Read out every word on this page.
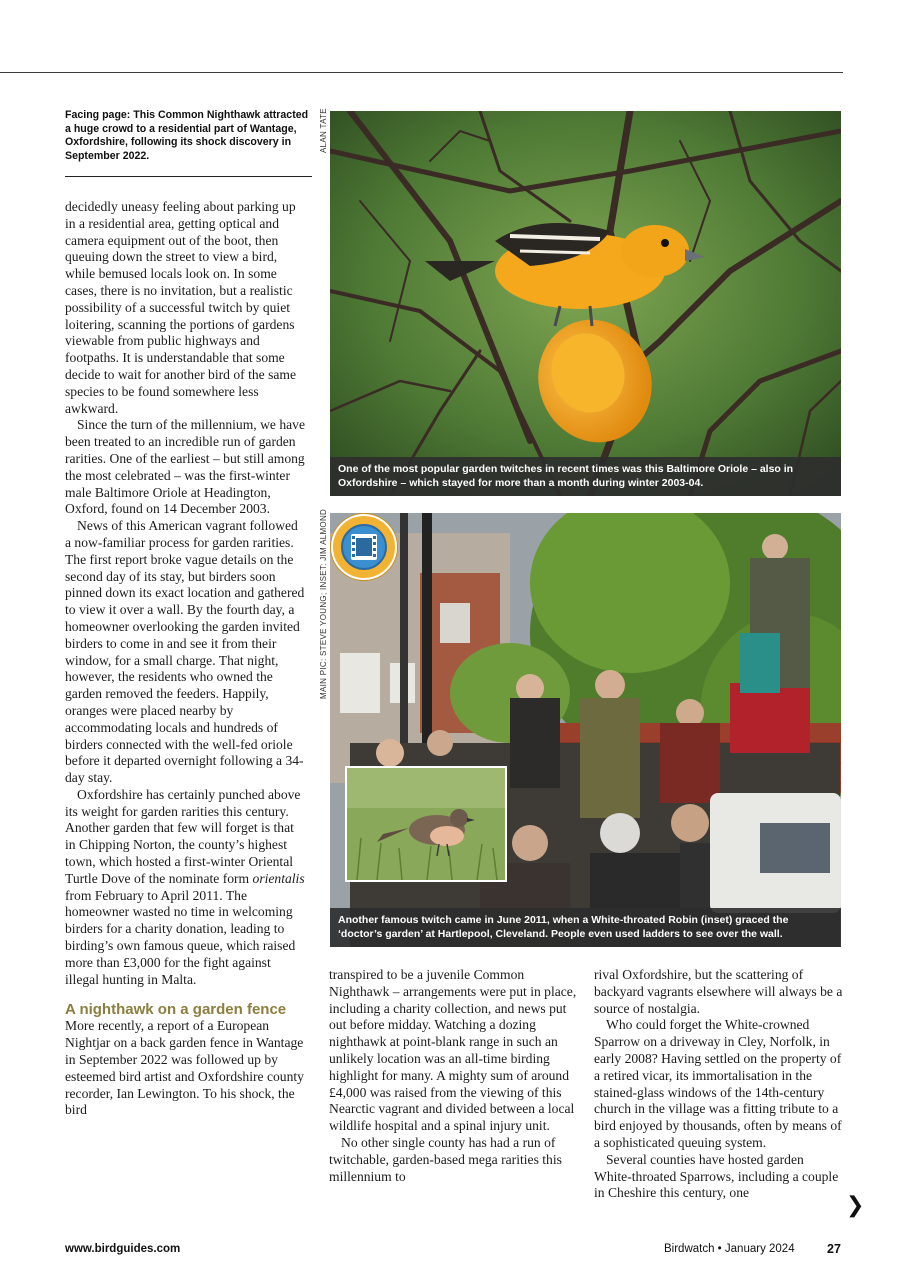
Facing page: This Common Nighthawk attracted a huge crowd to a residential part of Wantage, Oxfordshire, following its shock discovery in September 2022.

decidedly uneasy feeling about parking up in a residential area, getting optical and camera equipment out of the boot, then queuing down the street to view a bird, while bemused locals look on. In some cases, there is no invitation, but a realistic possibility of a successful twitch by quiet loitering, scanning the portions of gardens viewable from public highways and footpaths. It is understandable that some decide to wait for another bird of the same species to be found somewhere less awkward.

Since the turn of the millennium, we have been treated to an incredible run of garden rarities. One of the earliest – but still among the most celebrated – was the first-winter male Baltimore Oriole at Headington, Oxford, found on 14 December 2003.

News of this American vagrant followed a now-familiar process for garden rarities. The first report broke vague details on the second day of its stay, but birders soon pinned down its exact location and gathered to view it over a wall. By the fourth day, a homeowner overlooking the garden invited birders to come in and see it from their window, for a small charge. That night, however, the residents who owned the garden removed the feeders. Happily, oranges were placed nearby by accommodating locals and hundreds of birders connected with the well-fed oriole before it departed overnight following a 34-day stay.

Oxfordshire has certainly punched above its weight for garden rarities this century. Another garden that few will forget is that in Chipping Norton, the county’s highest town, which hosted a first-winter Oriental Turtle Dove of the nominate form orientalis from February to April 2011. The homeowner wasted no time in welcoming birders for a charity donation, leading to birding’s own famous queue, which raised more than £3,000 for the fight against illegal hunting in Malta.

A nighthawk on a garden fence

More recently, a report of a European Nightjar on a back garden fence in Wantage in September 2022 was followed up by esteemed bird artist and Oxfordshire county recorder, Ian Lewington. To his shock, the bird

transpired to be a juvenile Common Nighthawk – arrangements were put in place, including a charity collection, and news put out before midday. Watching a dozing nighthawk at point-blank range in such an unlikely location was an all-time birding highlight for many. A mighty sum of around £4,000 was raised from the viewing of this Nearctic vagrant and divided between a local wildlife hospital and a spinal injury unit.

No other single county has had a run of twitchable, garden-based mega rarities this millennium to

rival Oxfordshire, but the scattering of backyard vagrants elsewhere will always be a source of nostalgia.

Who could forget the White-crowned Sparrow on a driveway in Cley, Norfolk, in early 2008? Having settled on the property of a retired vicar, its immortalisation in the stained-glass windows of the 14th-century church in the village was a fitting tribute to a bird enjoyed by thousands, often by means of a sophisticated queuing system.

Several counties have hosted garden White-throated Sparrows, including a couple in Cheshire this century, one

ALAN TATE
MAIN PIC: STEVE YOUNG; INSET: JIM ALMOND
One of the most popular garden twitches in recent times was this Baltimore Oriole – also in Oxfordshire – which stayed for more than a month during winter 2003-04.
Another famous twitch came in June 2011, when a White-throated Robin (inset) graced the ‘doctor’s garden’ at Hartlepool, Cleveland. People even used ladders to see over the wall.
❯
www.birdguides.com	Birdwatch • January 2024	27
